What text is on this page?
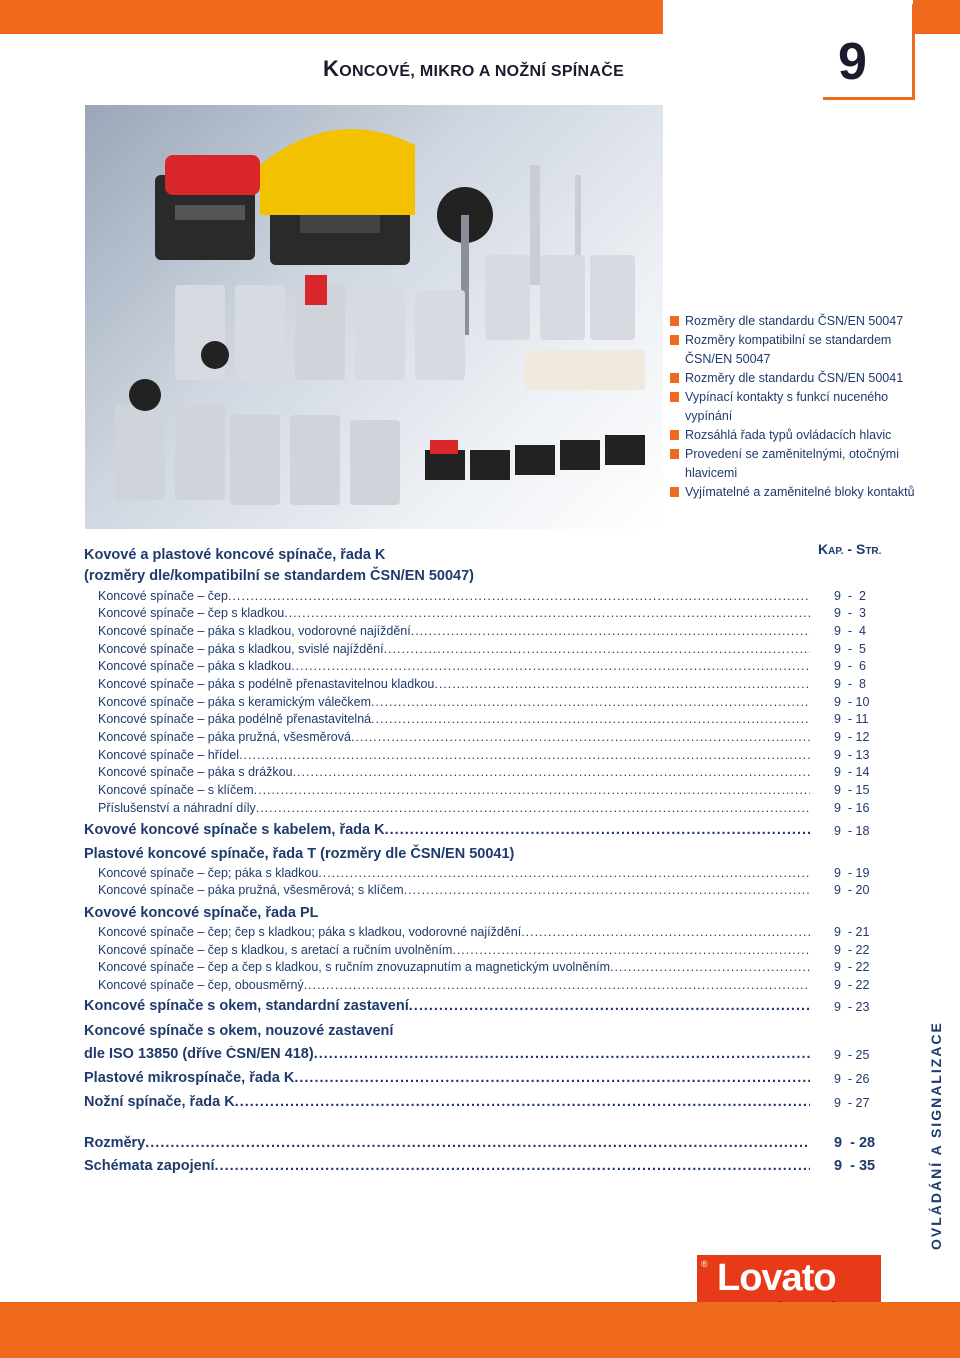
KONCOVÉ, MIKRO A NOŽNÍ SPÍNAČE	9
Rozměry dle standardu ČSN/EN 50047
Rozměry kompatibilní se standardem ČSN/EN 50047
Rozměry dle standardu ČSN/EN 50041
Vypínací kontakty s funkcí nuceného vypínání
Rozsáhlá řada typů ovládacích hlavic
Provedení se zaměnitelnými, otočnými hlavicemi
Vyjímatelné a zaměnitelné bloky kontaktů
KAP. - STR.
Kovové a plastové koncové spínače, řada K
(rozměry dle/kompatibilní se standardem ČSN/EN 50047)
Plastové koncové spínače, řada T (rozměry dle ČSN/EN 50041)
Kovové koncové spínače, řada PL
Koncové spínače s okem, nouzové zastavení
Koncové spínače – čep .....	9  -  2
Koncové spínače – čep s kladkou .....	9  -  3
Koncové spínače – páka s kladkou, vodorovné najíždění .....	9  -  4
Koncové spínače – páka s kladkou, svislé najíždění .....	9  -  5
Koncové spínače – páka s kladkou .....	9  -  6
Koncové spínače – páka s podélně přenastavitelnou kladkou .....	9  -  8
Koncové spínače – páka s keramickým válečkem .....	9  - 10
Koncové spínače – páka podélně přenastavitelná .....	9  - 11
Koncové spínače – páka pružná, všesměrová .....	9  - 12
Koncové spínače – hřídel .....	9  - 13
Koncové spínače – páka s drážkou .....	9  - 14
Koncové spínače – s klíčem .....	9  - 15
Příslušenství a náhradní díly .....	9  - 16
Kovové koncové spínače s kabelem, řada K .....	9  - 18
Koncové spínače – čep; páka s kladkou .....	9  - 19
Koncové spínače – páka pružná, všesměrová; s klíčem .....	9  - 20
Koncové spínače – čep; čep s kladkou; páka s kladkou, vodorovné najíždění .....	9  - 21
Koncové spínače – čep s kladkou, s aretací a ručním uvolněním .....	9  - 22
Koncové spínače – čep a čep s kladkou, s ručním znovuzapnutím a magnetickým uvolněním .....	9  - 22
Koncové spínače – čep, obousměrný .....	9  - 22
Koncové spínače s okem, standardní zastavení .....	9  - 23
dle ISO 13850 (dříve ČSN/EN 418) .....	9  - 25
Plastové mikrospínače, řada K .....	9  - 26
Nožní spínače, řada K .....	9  - 27
Rozměry .....	9  - 28
Schémata zapojení .....	9  - 35	OVLÁDÁNÍ A SIGNALIZACE
® Lovato
